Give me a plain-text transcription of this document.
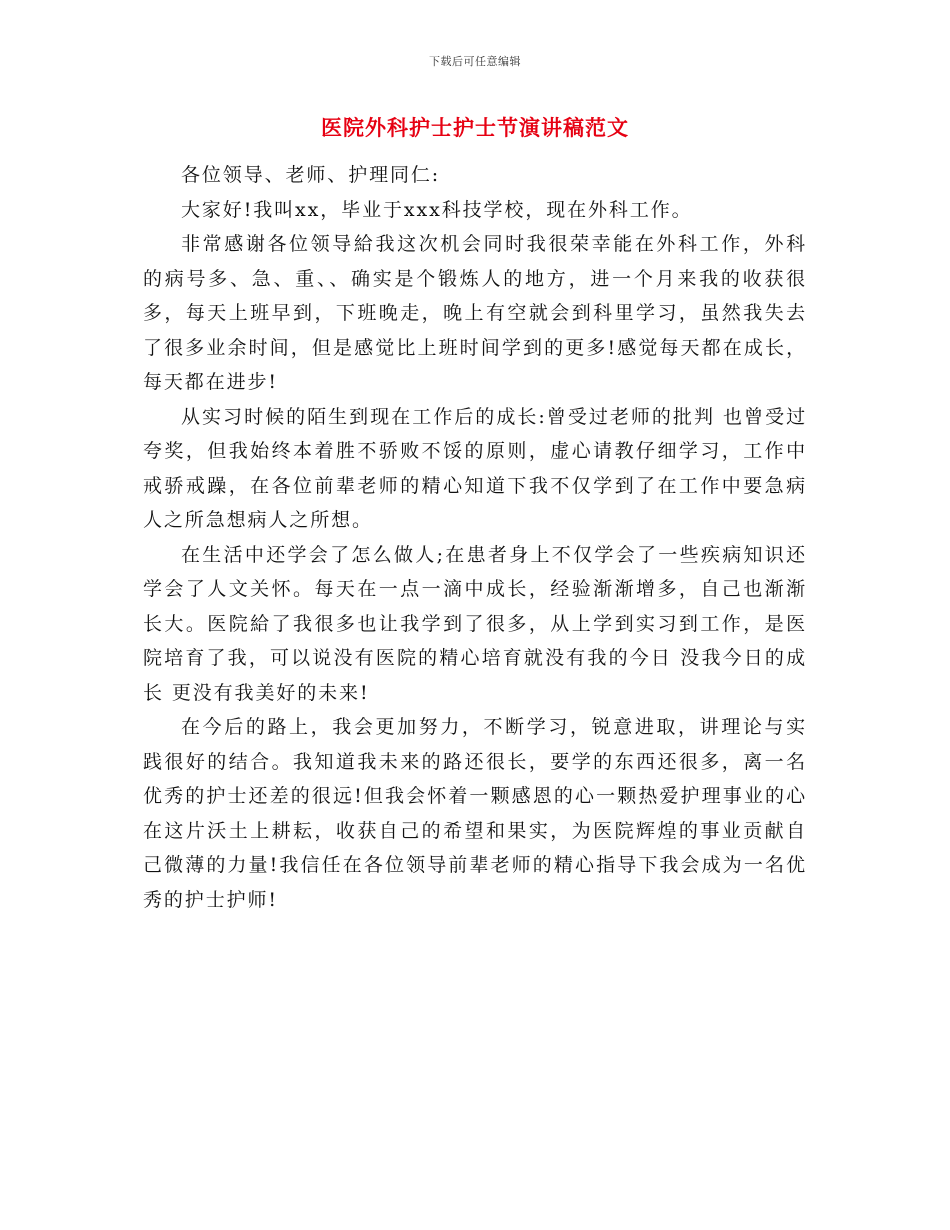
下载后可任意编辑
医院外科护士护士节演讲稿范文

各位领导、老师、护理同仁:

大家好!我叫xx，毕业于xxx科技学校，现在外科工作。

非常感谢各位领导給我这次机会同时我很荣幸能在外科工作，外科的病号多、急、重、、确实是个锻炼人的地方，进一个月来我的收获很多，每天上班早到，下班晚走，晚上有空就会到科里学习，虽然我失去了很多业余时间，但是感觉比上班时间学到的更多!感觉每天都在成长，每天都在进步!

从实习时候的陌生到现在工作后的成长:曾受过老师的批判 也曾受过夸奖，但我始终本着胜不骄败不馁的原则，虚心请教仔细学习，工作中戒骄戒躁，在各位前辈老师的精心知道下我不仅学到了在工作中要急病人之所急想病人之所想。

在生活中还学会了怎么做人;在患者身上不仅学会了一些疾病知识还学会了人文关怀。每天在一点一滴中成长，经验渐渐增多，自己也渐渐长大。医院給了我很多也让我学到了很多，从上学到实习到工作，是医院培育了我，可以说没有医院的精心培育就没有我的今日 没我今日的成长 更没有我美好的未来!

在今后的路上，我会更加努力，不断学习，锐意进取，讲理论与实践很好的结合。我知道我未来的路还很长，要学的东西还很多，离一名优秀的护士还差的很远!但我会怀着一颗感恩的心一颗热爱护理事业的心在这片沃土上耕耘，收获自己的希望和果实，为医院辉煌的事业贡献自己微薄的力量!我信任在各位领导前辈老师的精心指导下我会成为一名优秀的护士护师!
